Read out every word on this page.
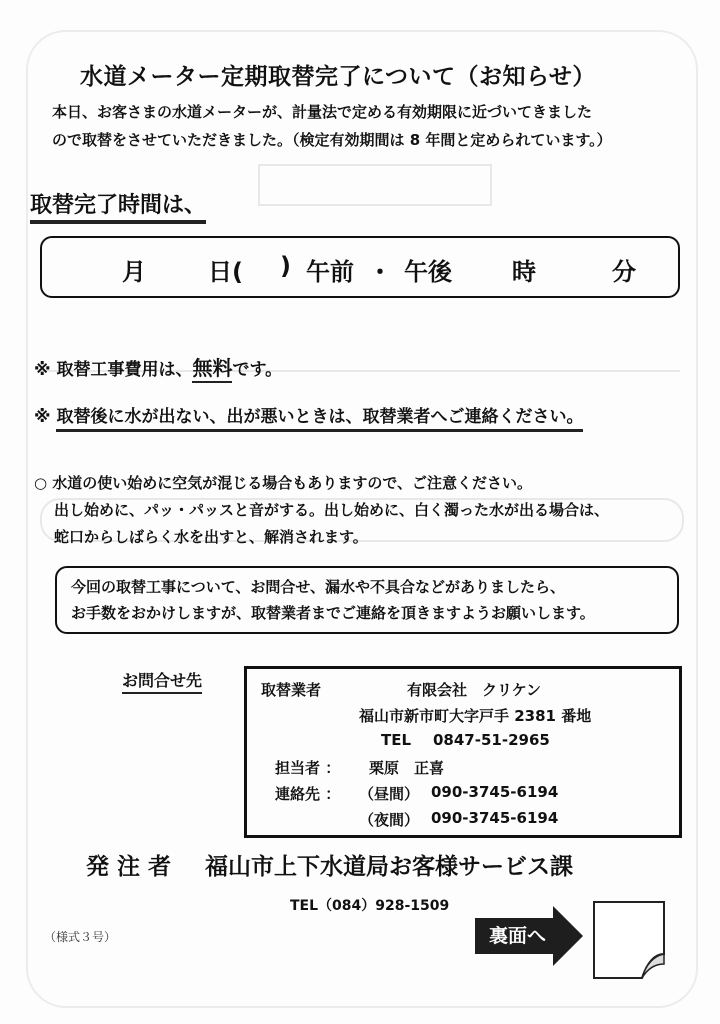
水道メーター定期取替完了について（お知らせ）
本日、お客さまの水道メーターが、計量法で定める有効期限に近づいてきました
ので取替をさせていただきました。（検定有効期間は 8 年間と定められています。）
取替完了時間は、
月	日( ) 午前 ・ 午後	時	分
※ 取替工事費用は、無料です。
※ 取替後に水が出ない、出が悪いときは、取替業者へご連絡ください。
○ 水道の使い始めに空気が混じる場合もありますので、ご注意ください。
出し始めに、パッ・パッスと音がする。出し始めに、白く濁った水が出る場合は、
蛇口からしばらく水を出すと、解消されます。
今回の取替工事について、お問合せ、漏水や不具合などがありましたら、
お手数をおかけしますが、取替業者までご連絡を頂きますようお願いします。
お問合せ先	取替業者	有限会社　クリケン
福山市新市町大字戸手 2381 番地
TEL 0847-51-2965
担当者 ： 栗原　正喜
連絡先 ： （昼間） 090-3745-6194
（夜間） 090-3745-6194
発 注 者 福山市上下水道局お客様サービス課
TEL（084）928-1509
（様式３号）	裏面へ
